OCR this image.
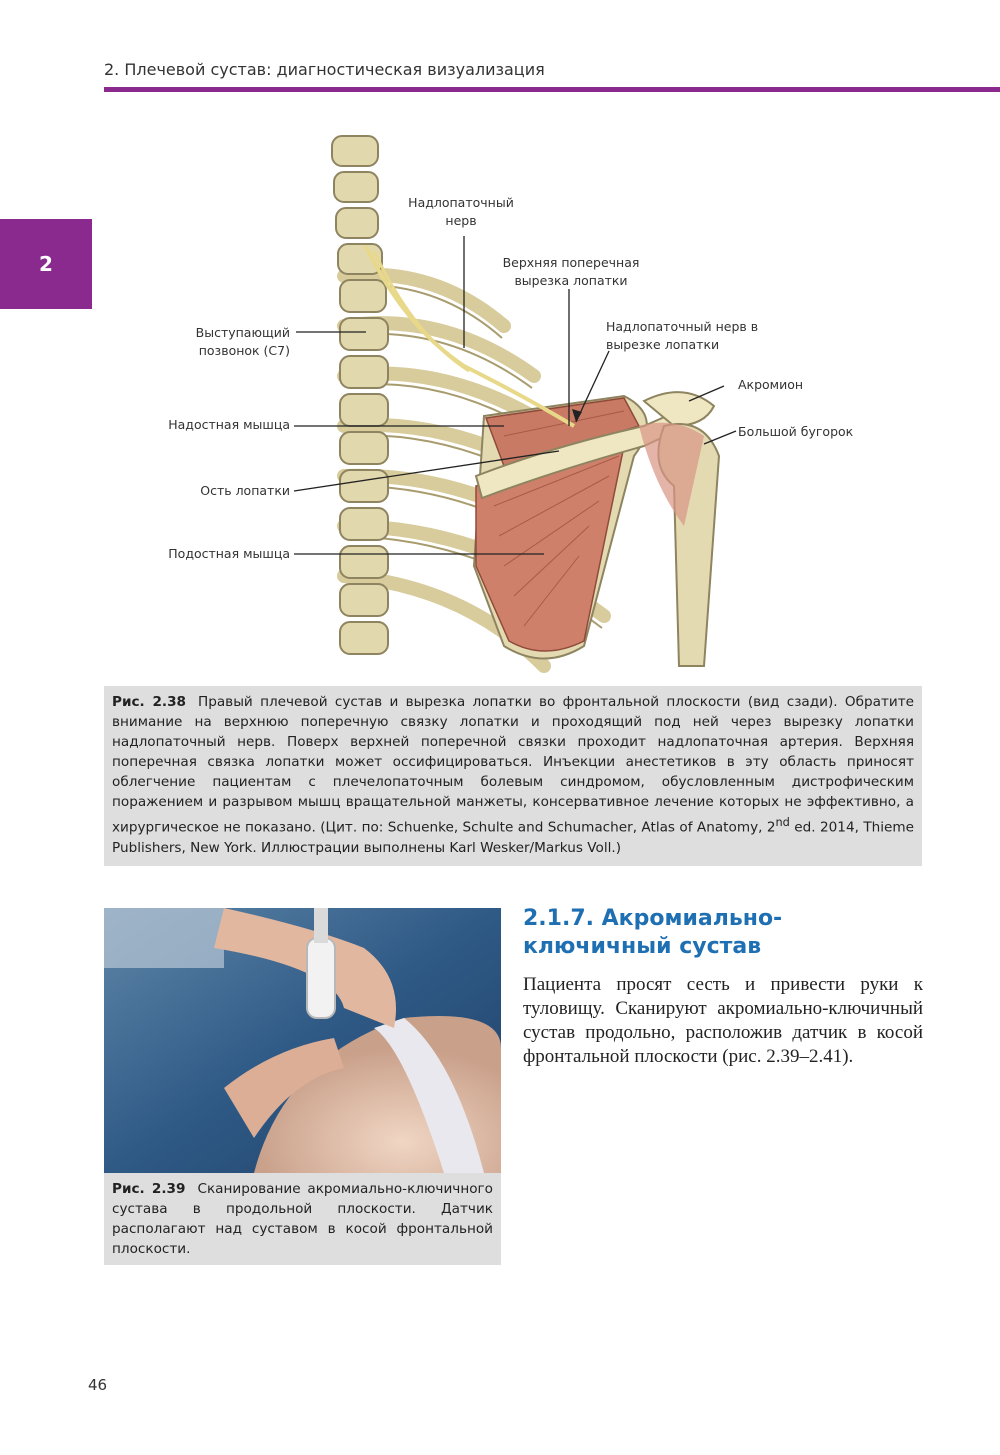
2. Плечевой сустав: диагностическая визуализация
2
Надлопаточный нерв
Верхняя поперечная вырезка лопатки
Надлопаточный нерв в вырезке лопатки
Акромион
Большой бугорок
Выступающий позвонок (С7)
Надостная мышца
Ость лопатки
Подостная мышца
Рис. 2.38 Правый плечевой сустав и вырезка лопатки во фронтальной плоскости (вид сзади). Обратите внимание на верхнюю поперечную связку лопатки и проходящий под ней через вырезку лопатки надлопаточный нерв. Поверх верхней поперечной связки проходит надлопаточная артерия. Верхняя поперечная связка лопатки может оссифицироваться. Инъекции анестетиков в эту область приносят облегчение пациентам с плечелопаточным болевым синдромом, обусловленным дистрофическим поражением и разрывом мышц вращательной манжеты, консервативное лечение которых не эффективно, а хирургическое не показано. (Цит. по: Schuenke, Schulte and Schumacher, Atlas of Anatomy, 2nd ed. 2014, Thieme Publishers, New York. Иллюстрации выполнены Karl Wesker/Markus Voll.)
Рис. 2.39 Сканирование акромиально-ключичного сустава в продольной плоскости. Датчик располагают над суставом в косой фронтальной плоскости.
2.1.7. Акромиально-ключичный сустав
Пациента просят сесть и привести руки к туловищу. Сканируют акромиально-ключичный сустав продольно, расположив датчик в косой фронтальной плоскости (рис. 2.39–2.41).
46
